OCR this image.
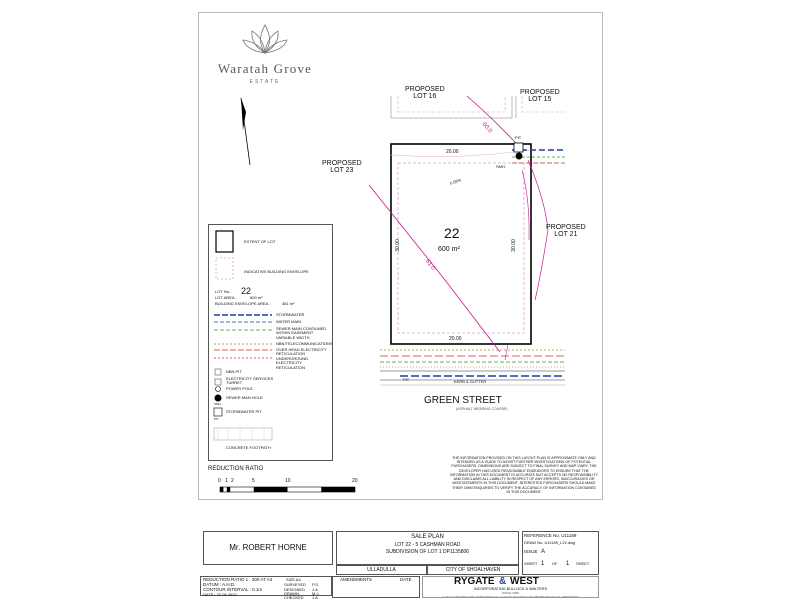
Waratah Grove
ESTATE
PROPOSED
LOT 16
PROPOSED
LOT 15
PROPOSED
LOT 23
PROPOSED
LOT 21
22
600 m²
20.00
20.00
30.00	30.00
60.0
61.0
5.56%
PIT
SMH
PIT	KERB & GUTTER
GREEN STREET
(ASPHALT WEARING COURSE)
EXTENT OF LOT
INDICATIVE BUILDING ENVELOPE
LOT No. - 22
LOT AREA -	600 m²
BUILDING ENVELOPE AREA -	381 m²
STORMWATER
WATER MAIN
SEWER MAIN CONTAINED WITHIN EASEMENT VARIABLE WIDTH
NBN/TELECOMMUNICATIONS
OVER HEAD ELECTRICITY RETICULATION
UNDERGROUND ELECTRICITY RETICULATION
NBN PIT
ELECTRICITY SERVICES TURRET
POWER POLE
SEWER MAN HOLE
SMH
PIT
STORMWATER PIT
CONCRETE FOOTPATH
REDUCTION RATIO
0 1 2	5	10	20
THE INFORMATION PROVIDED ON THIS LAYOUT PLAN IS APPROXIMATE ONLY AND INTENDED AS A GUIDE TO ASSIST FURTHER INVESTIGATIONS OF POTENTIAL PURCHASERS. DIMENSIONS ARE SUBJECT TO FINAL SURVEY AND MAP VIARY. THE DEVELOPER HAS USED REASONABLE ENDEAVORS TO ENSURE THAT THE INFORMATION IN THIS DOCUMENT IS ACCURATE BUT ACCEPTS NO RESPONSIBILITY AND DISCLAIMS ALL LIABILITY IN RESPECT OF ANY ERRORS, INACCURACIES OR MISSTATEMENTS IN THIS DOCUMENT. INTERESTED PURCHASERS SHOULD MAKE THEIR OWN ENQUIRIES TO VERIFY THE ACCURACY OF INFORMATION CONTAINED IN THIS DOCUMENT.
Mr. ROBERT HORNE
SALE PLAN
LOT 22 - 5 CASHMAN ROAD
SUBDIVISION OF LOT 1 DP1135806
ULLADULLA	CITY OF SHOALHAVEN
REFERENCE No. U11189
DRAW No. U11189_L22.dwg
ISSUE A
SHEET 1 OF 1 SHEET
REDUCTION RATIO 1 : 300 AT A4
DATUM : A.H.D.
CONTOUR INTERVAL : 0.1m
DATE : 22.06.2022
SIZE A4
SURVEYED P.S.
DESIGNED J.A.
DRAWN	M.J.
CHECKED J.A.
AMENDMENTS	DATE	RYGATE & WEST
INCORPORATING BULLOCK & WALTERS
SINCE 1908
P.O. BOX 592, 388 GREEN STREET ULLADULLA NSW 2539 · P.O. BOX 848, 10/28 QUEEN STREET BATEMANS BAY NSW 2536 · rygatewest.com.au
